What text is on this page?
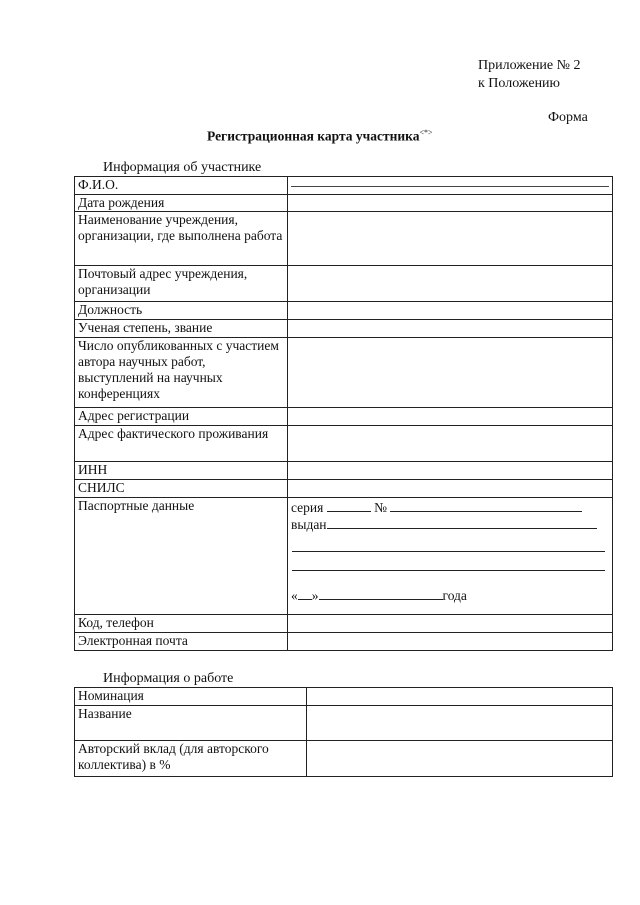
Приложение № 2
к Положению
Форма
Регистрационная карта участника<*>
Информация об участнике
Ф.И.О.	

Дата рождения	
Наименование учреждения, организации, где выполнена работа	
Почтовый адрес учреждения, организации	
Должность	
Ученая степень, звание	
Число опубликованных с участием автора научных работ, выступлений на научных конференциях	
Адрес регистрации	
Адрес фактического проживания	
ИНН	
СНИЛС	
Паспортные данные	серия №
выдан
« » года

Код, телефон	
Электронная почта	
Информация о работе
Номинация	
Название	
Авторский вклад (для авторского коллектива) в %	
